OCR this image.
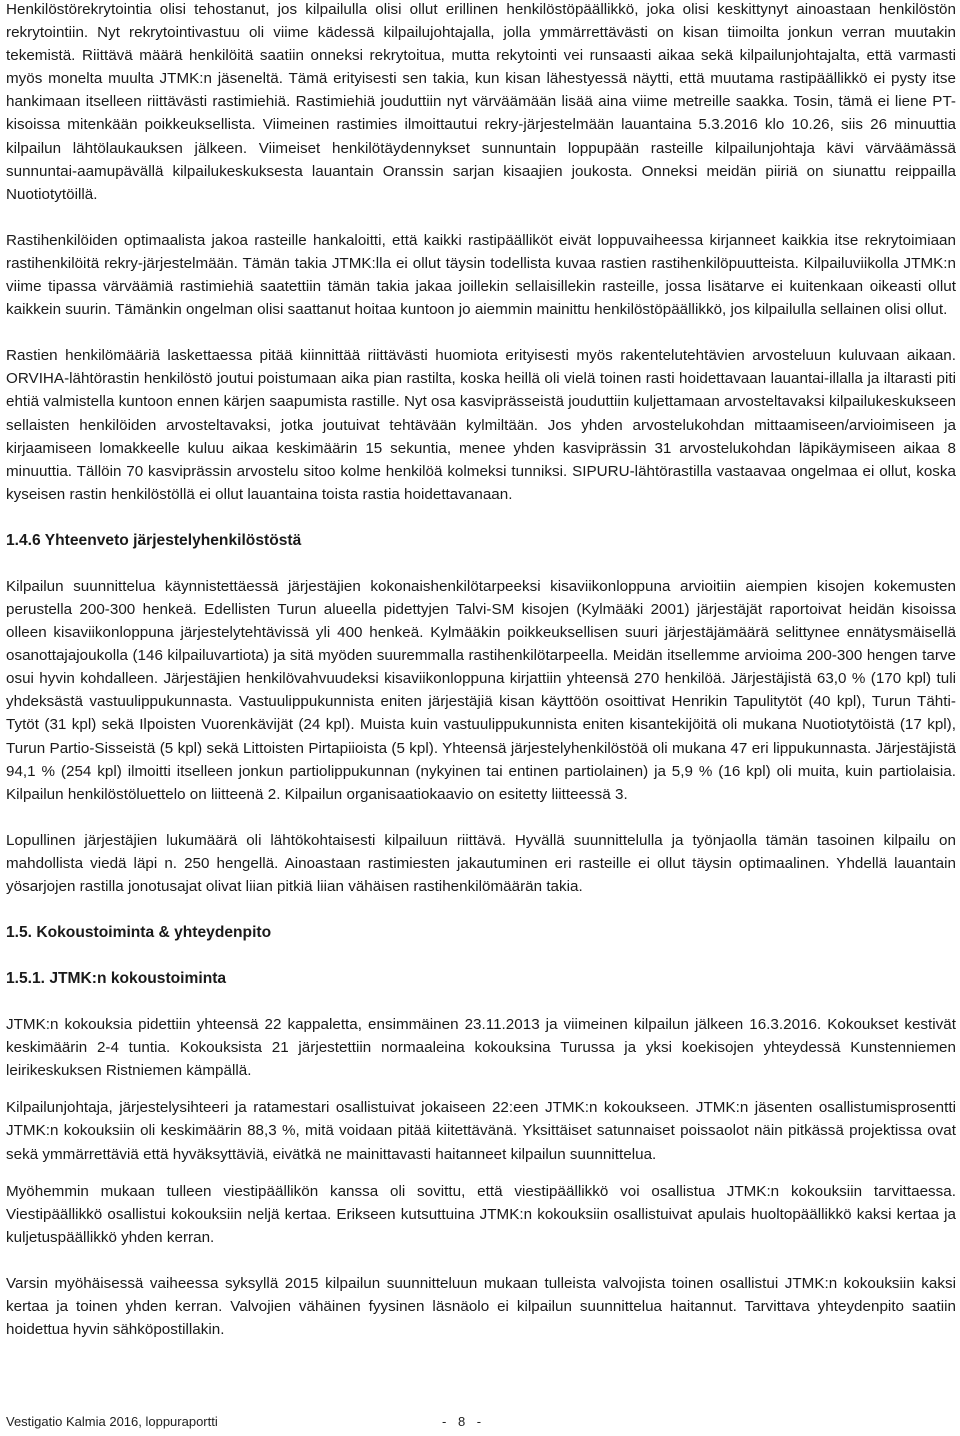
Henkilöstörekrytointia olisi tehostanut, jos kilpailulla olisi ollut erillinen henkilöstöpäällikkö, joka olisi keskittynyt ainoastaan henkilöstön rekrytointiin. Nyt rekrytointivastuu oli viime kädessä kilpailujohtajalla, jolla ymmärrettävästi on kisan tiimoilta jonkun verran muutakin tekemistä. Riittävä määrä henkilöitä saatiin onneksi rekrytoitua, mutta rekytointi vei runsaasti aikaa sekä kilpailunjohtajalta, että varmasti myös monelta muulta JTMK:n jäseneltä. Tämä erityisesti sen takia, kun kisan lähestyessä näytti, että muutama rastipäällikkö ei pysty itse hankimaan itselleen riittävästi rastimiehiä. Rastimiehiä jouduttiin nyt värväämään lisää aina viime metreille saakka. Tosin, tämä ei liene PT-kisoissa mitenkään poikkeuksellista. Viimeinen rastimies ilmoittautui rekry-järjestelmään lauantaina 5.3.2016 klo 10.26, siis 26 minuuttia kilpailun lähtölaukauksen jälkeen. Viimeiset henkilötäydennykset sunnuntain loppupään rasteille kilpailunjohtaja kävi värväämässä sunnuntai-aamupävällä kilpailukeskuksesta lauantain Oranssin sarjan kisaajien joukosta. Onneksi meidän piiriä on siunattu reippailla Nuotiotytöillä.

Rastihenkilöiden optimaalista jakoa rasteille hankaloitti, että kaikki rastipäälliköt eivät loppuvaiheessa kirjanneet kaikkia itse rekrytoimiaan rastihenkilöitä rekry-järjestelmään. Tämän takia JTMK:lla ei ollut täysin todellista kuvaa rastien rastihenkilöpuutteista. Kilpailuviikolla JTMK:n viime tipassa värväämiä rastimiehiä saatettiin tämän takia jakaa joillekin sellaisillekin rasteille, jossa lisätarve ei kuitenkaan oikeasti ollut kaikkein suurin. Tämänkin ongelman olisi saattanut hoitaa kuntoon jo aiemmin mainittu henkilöstöpäällikkö, jos kilpailulla sellainen olisi ollut.

Rastien henkilömääriä laskettaessa pitää kiinnittää riittävästi huomiota erityisesti myös rakentelutehtävien arvosteluun kuluvaan aikaan. ORVIHA-lähtörastin henkilöstö joutui poistumaan aika pian rastilta, koska heillä oli vielä toinen rasti hoidettavaan lauantai-illalla ja iltarasti piti ehtiä valmistella kuntoon ennen kärjen saapumista rastille. Nyt osa kasviprässeistä jouduttiin kuljettamaan arvosteltavaksi kilpailukeskukseen sellaisten henkilöiden arvosteltavaksi, jotka joutuivat tehtävään kylmiltään. Jos yhden arvostelukohdan mittaamiseen/arvioimiseen ja kirjaamiseen lomakkeelle kuluu aikaa keskimäärin 15 sekuntia, menee yhden kasviprässin 31 arvostelukohdan läpikäymiseen aikaa 8 minuuttia. Tällöin 70 kasviprässin arvostelu sitoo kolme henkilöä kolmeksi tunniksi. SIPURU-lähtörastilla vastaavaa ongelmaa ei ollut, koska kyseisen rastin henkilöstöllä ei ollut lauantaina toista rastia hoidettavanaan.

1.4.6 Yhteenveto järjestelyhenkilöstöstä

Kilpailun suunnittelua käynnistettäessä järjestäjien kokonaishenkilötarpeeksi kisaviikonloppuna arvioitiin aiempien kisojen kokemusten perustella 200-300 henkeä. Edellisten Turun alueella pidettyjen Talvi-SM kisojen (Kylmääki 2001) järjestäjät raportoivat heidän kisoissa olleen kisaviikonloppuna järjestelytehtävissä yli 400 henkeä. Kylmääkin poikkeuksellisen suuri järjestäjämäärä selittynee ennätysmäisellä osanottajajoukolla (146 kilpailuvartiota) ja sitä myöden suuremmalla rastihenkilötarpeella. Meidän itsellemme arvioima 200-300 hengen tarve osui hyvin kohdalleen. Järjestäjien henkilövahvuudeksi kisaviikonloppuna kirjattiin yhteensä 270 henkilöä. Järjestäjistä 63,0 % (170 kpl) tuli yhdeksästä vastuulippukunnasta. Vastuulippukunnista eniten järjestäjiä kisan käyttöön osoittivat Henrikin Tapulitytöt (40 kpl), Turun Tähti-Tytöt (31 kpl) sekä Ilpoisten Vuorenkävijät (24 kpl). Muista kuin vastuulippukunnista eniten kisantekijöitä oli mukana Nuotiotytöistä (17 kpl), Turun Partio-Sisseistä (5 kpl) sekä Littoisten Pirtapiioista (5 kpl). Yhteensä järjestelyhenkilöstöä oli mukana 47 eri lippukunnasta. Järjestäjistä 94,1 % (254 kpl) ilmoitti itselleen jonkun partiolippukunnan (nykyinen tai entinen partiolainen) ja 5,9 % (16 kpl) oli muita, kuin partiolaisia. Kilpailun henkilöstöluettelo on liitteenä 2. Kilpailun organisaatiokaavio on esitetty liitteessä 3.

Lopullinen järjestäjien lukumäärä oli lähtökohtaisesti kilpailuun riittävä. Hyvällä suunnittelulla ja työnjaolla tämän tasoinen kilpailu on mahdollista viedä läpi n. 250 hengellä. Ainoastaan rastimiesten jakautuminen eri rasteille ei ollut täysin optimaalinen. Yhdellä lauantain yösarjojen rastilla jonotusajat olivat liian pitkiä liian vähäisen rastihenkilömäärän takia.

1.5. Kokoustoiminta & yhteydenpito
1.5.1. JTMK:n kokoustoiminta

JTMK:n kokouksia pidettiin yhteensä 22 kappaletta, ensimmäinen 23.11.2013 ja viimeinen kilpailun jälkeen 16.3.2016. Kokoukset kestivät keskimäärin 2-4 tuntia. Kokouksista 21 järjestettiin normaaleina kokouksina Turussa ja yksi koekisojen yhteydessä Kunstenniemen leirikeskuksen Ristniemen kämpällä.

Kilpailunjohtaja, järjestelysihteeri ja ratamestari osallistuivat jokaiseen 22:een JTMK:n kokoukseen. JTMK:n jäsenten osallistumisprosentti JTMK:n kokouksiin oli keskimäärin 88,3 %, mitä voidaan pitää kiitettävänä. Yksittäiset satunnaiset poissaolot näin pitkässä projektissa ovat sekä ymmärrettäviä että hyväksyttäviä, eivätkä ne mainittavasti haitanneet kilpailun suunnittelua.

Myöhemmin mukaan tulleen viestipäällikön kanssa oli sovittu, että viestipäällikkö voi osallistua JTMK:n kokouksiin tarvittaessa. Viestipäällikkö osallistui kokouksiin neljä kertaa. Erikseen kutsuttuina JTMK:n kokouksiin osallistuivat apulais huoltopäällikkö kaksi kertaa ja kuljetuspäällikkö yhden kerran.

Varsin myöhäisessä vaiheessa syksyllä 2015 kilpailun suunnitteluun mukaan tulleista valvojista toinen osallistui JTMK:n kokouksiin kaksi kertaa ja toinen yhden kerran. Valvojien vähäinen fyysinen läsnäolo ei kilpailun suunnittelua haitannut. Tarvittava yhteydenpito saatiin hoidettua hyvin sähköpostillakin.

Vestigatio Kalmia 2016, loppuraportti	- 8 -
